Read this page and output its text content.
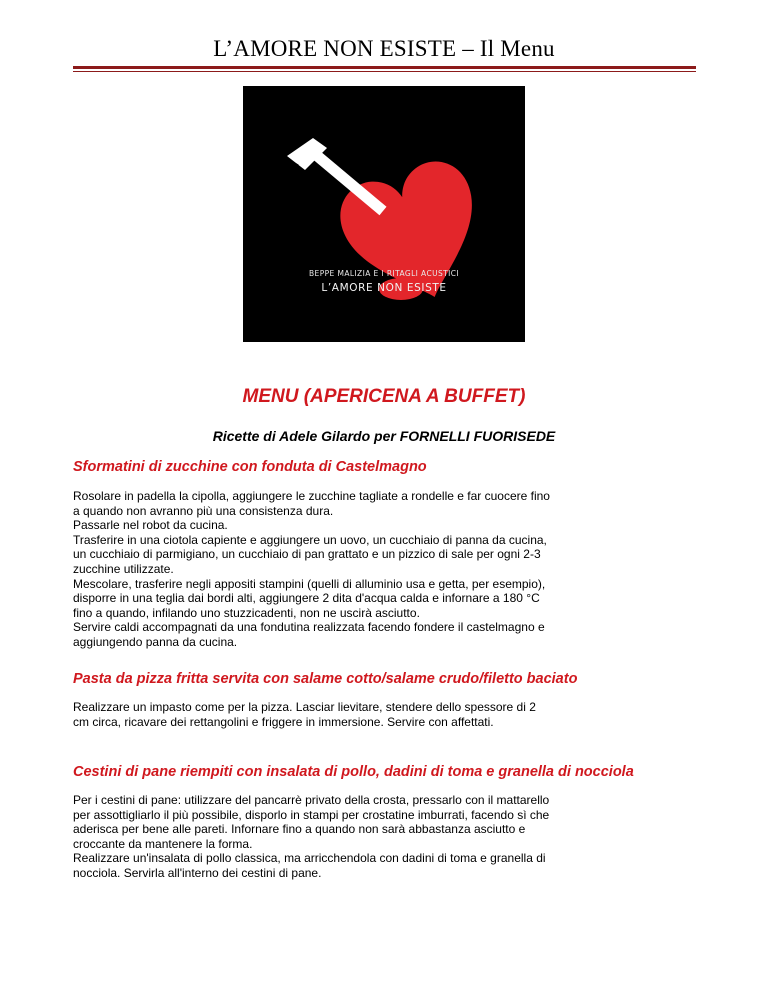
L’AMORE NON ESISTE – Il Menu
BEPPE MALIZIA E I RITAGLI ACUSTICI
L’AMORE NON ESISTE
MENU (APERICENA A BUFFET)
Ricette di Adele Gilardo per FORNELLI FUORISEDE
Sformatini di zucchine con fonduta di Castelmagno

Rosolare in padella la cipolla, aggiungere le zucchine tagliate a rondelle e far cuocere fino

a quando non avranno più una consistenza dura.

Passarle nel robot da cucina.

Trasferire in una ciotola capiente e aggiungere un uovo, un cucchiaio di panna da cucina,

un cucchiaio di parmigiano, un cucchiaio di pan grattato e un pizzico di sale per ogni 2-3

zucchine utilizzate.

Mescolare, trasferire negli appositi stampini (quelli di alluminio usa e getta, per esempio),

disporre in una teglia dai bordi alti, aggiungere 2 dita d'acqua calda e infornare a 180 °C

fino a quando, infilando uno stuzzicadenti, non ne uscirà asciutto.

Servire caldi accompagnati da una fondutina realizzata facendo fondere il castelmagno e

aggiungendo panna da cucina.

Pasta da pizza fritta servita con salame cotto/salame crudo/filetto baciato

Realizzare un impasto come per la pizza. Lasciar lievitare, stendere dello spessore di 2

cm circa, ricavare dei rettangolini e friggere in immersione. Servire con affettati.

Cestini di pane riempiti con insalata di pollo, dadini di toma e granella di nocciola

Per i cestini di pane: utilizzare del pancarrè privato della crosta, pressarlo con il mattarello

per assottigliarlo il più possibile, disporlo in stampi per crostatine imburrati, facendo sì che

aderisca per bene alle pareti. Infornare fino a quando non sarà abbastanza asciutto e

croccante da mantenere la forma.

Realizzare un'insalata di pollo classica, ma arricchendola con dadini di toma e granella di

nocciola. Servirla all'interno dei cestini di pane.
